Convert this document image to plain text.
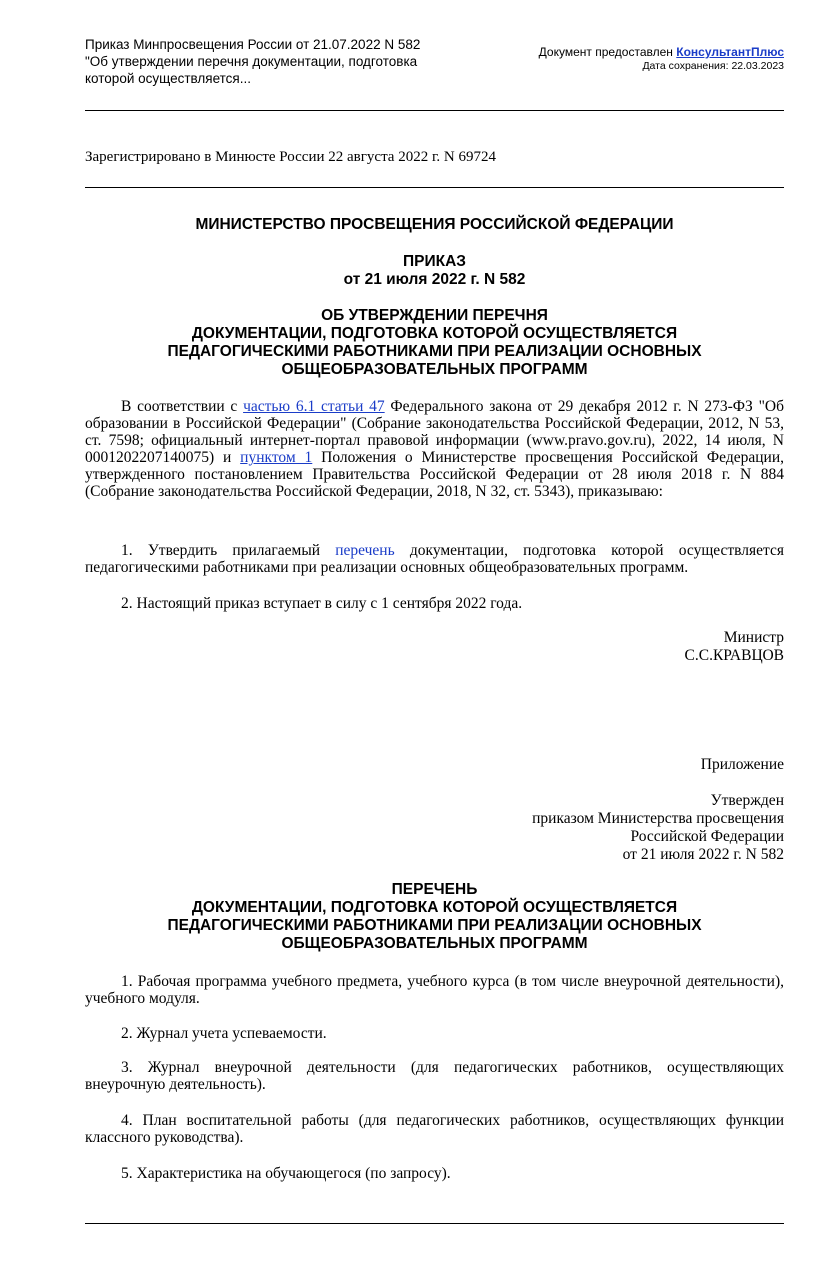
Приказ Минпросвещения России от 21.07.2022 N 582
"Об утверждении перечня документации, подготовка
которой осуществляется...
Документ предоставлен КонсультантПлюс
Дата сохранения: 22.03.2023
Зарегистрировано в Минюсте России 22 августа 2022 г. N 69724
МИНИСТЕРСТВО ПРОСВЕЩЕНИЯ РОССИЙСКОЙ ФЕДЕРАЦИИ
ПРИКАЗ
от 21 июля 2022 г. N 582
ОБ УТВЕРЖДЕНИИ ПЕРЕЧНЯ
ДОКУМЕНТАЦИИ, ПОДГОТОВКА КОТОРОЙ ОСУЩЕСТВЛЯЕТСЯ
ПЕДАГОГИЧЕСКИМИ РАБОТНИКАМИ ПРИ РЕАЛИЗАЦИИ ОСНОВНЫХ
ОБЩЕОБРАЗОВАТЕЛЬНЫХ ПРОГРАММ

В соответствии с частью 6.1 статьи 47 Федерального закона от 29 декабря 2012 г. N 273-ФЗ "Об образовании в Российской Федерации" (Собрание законодательства Российской Федерации, 2012, N 53, ст. 7598; официальный интернет-портал правовой информации (www.pravo.gov.ru), 2022, 14 июля, N 0001202207140075) и пунктом 1 Положения о Министерстве просвещения Российской Федерации, утвержденного постановлением Правительства Российской Федерации от 28 июля 2018 г. N 884 (Собрание законодательства Российской Федерации, 2018, N 32, ст. 5343), приказываю:

1. Утвердить прилагаемый перечень документации, подготовка которой осуществляется педагогическими работниками при реализации основных общеобразовательных программ.

2. Настоящий приказ вступает в силу с 1 сентября 2022 года.

Министр
С.С.КРАВЦОВ
Приложение
Утвержден
приказом Министерства просвещения
Российской Федерации
от 21 июля 2022 г. N 582
ПЕРЕЧЕНЬ
ДОКУМЕНТАЦИИ, ПОДГОТОВКА КОТОРОЙ ОСУЩЕСТВЛЯЕТСЯ
ПЕДАГОГИЧЕСКИМИ РАБОТНИКАМИ ПРИ РЕАЛИЗАЦИИ ОСНОВНЫХ
ОБЩЕОБРАЗОВАТЕЛЬНЫХ ПРОГРАММ

1. Рабочая программа учебного предмета, учебного курса (в том числе внеурочной деятельности), учебного модуля.

2. Журнал учета успеваемости.

3. Журнал внеурочной деятельности (для педагогических работников, осуществляющих внеурочную деятельность).

4. План воспитательной работы (для педагогических работников, осуществляющих функции классного руководства).

5. Характеристика на обучающегося (по запросу).
